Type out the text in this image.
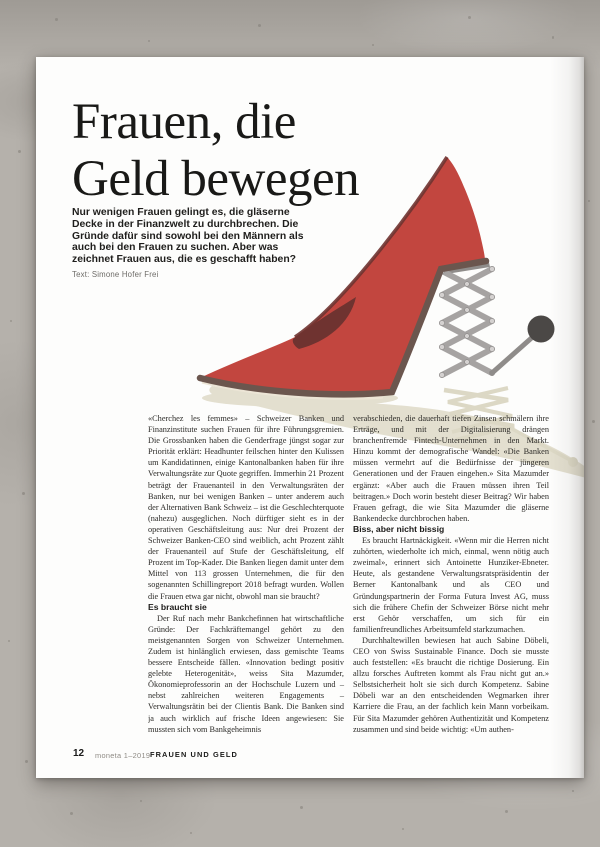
Frauen, die
Geld bewegen
Nur wenigen Frauen gelingt es, die gläserne Decke in der Finanzwelt zu durchbrechen. Die Gründe dafür sind sowohl bei den Männern als auch bei den Frauen zu suchen. Aber was zeichnet Frauen aus, die es geschafft haben?
Text: Simone Hofer Frei

«Cherchez les femmes» – Schweizer Banken und Finanzinstitute suchen Frauen für ihre Führungsgremien. Die Grossbanken haben die Genderfrage jüngst sogar zur Priorität erklärt: Headhunter feilschen hinter den Kulissen um Kandidatinnen, einige Kantonalbanken haben für ihre Verwaltungsräte zur Quote gegriffen. Immerhin 21 Prozent beträgt der Frauenanteil in den Verwaltungsräten der Banken, nur bei wenigen Banken – unter anderem auch der Alternativen Bank Schweiz – ist die Geschlechterquote (nahezu) ausgeglichen. Noch dürftiger sieht es in der operativen Geschäftsleitung aus: Nur drei Prozent der Schweizer Banken-CEO sind weiblich, acht Prozent zählt der Frauenanteil auf Stufe der Geschäftsleitung, elf Prozent im Top-Kader. Die Banken liegen damit unter dem Mittel von 113 grossen Unternehmen, die für den sogenannten Schillingreport 2018 befragt wurden. Wollen die Frauen etwa gar nicht, obwohl man sie braucht?

Es braucht sie

Der Ruf nach mehr Bankchefinnen hat wirtschaftliche Gründe: Der Fachkräftemangel gehört zu den meistgenannten Sorgen von Schweizer Unternehmen. Zudem ist hinlänglich erwiesen, dass gemischte Teams bessere Entscheide fällen. «Innovation bedingt positiv gelebte Heterogenität», weiss Sita Mazumder, Ökonomieprofessorin an der Hochschule Luzern und – nebst zahlreichen weiteren Engagements – Verwaltungsrätin bei der Clientis Bank. Die Banken sind ja auch wirklich auf frische Ideen angewiesen: Sie mussten sich vom Bankgeheimnis

verabschieden, die dauerhaft tiefen Zinsen schmälern ihre Erträge, und mit der Digitalisierung drängen branchenfremde Fintech-Unternehmen in den Markt. Hinzu kommt der demografische Wandel: «Die Banken müssen vermehrt auf die Bedürfnisse der jüngeren Generationen und der Frauen eingehen.» Sita Mazumder ergänzt: «Aber auch die Frauen müssen ihren Teil beitragen.» Doch worin besteht dieser Beitrag? Wir haben Frauen gefragt, die wie Sita Mazumder die gläserne Bankendecke durchbrochen haben.

Biss, aber nicht bissig

Es braucht Hartnäckigkeit. «Wenn mir die Herren nicht zuhörten, wiederholte ich mich, einmal, wenn nötig auch zweimal», erinnert sich Antoinette Hunziker-Ebneter. Heute, als gestandene Verwaltungsratspräsidentin der Berner Kantonalbank und als CEO und Gründungspartnerin der Forma Futura Invest AG, muss sich die frühere Chefin der Schweizer Börse nicht mehr erst Gehör verschaffen, um sich für ein familienfreundliches Arbeitsumfeld starkzumachen.

Durchhaltewillen bewiesen hat auch Sabine Döbeli, CEO von Swiss Sustainable Finance. Doch sie musste auch feststellen: «Es braucht die richtige Dosierung. Ein allzu forsches Auftreten kommt als Frau nicht gut an.» Selbstsicherheit holt sie sich durch Kompetenz. Sabine Döbeli war an den entscheidenden Wegmarken ihrer Karriere die Frau, an der fachlich kein Mann vorbeikam. Für Sita Mazumder gehören Authentizität und Kompetenz zusammen und sind beide wichtig: «Um authen-

12 moneta 1–2019 FRAUEN UND GELD
